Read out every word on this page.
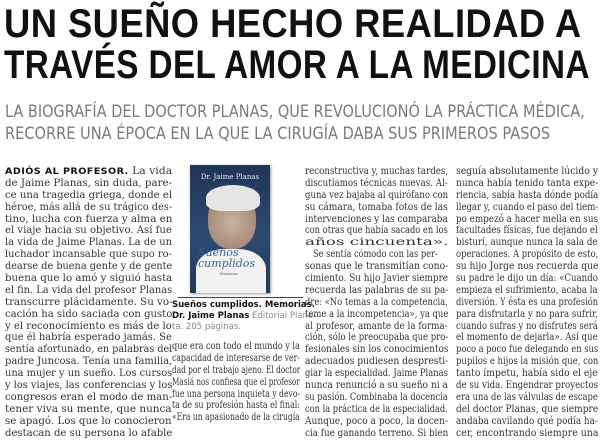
UN SUEÑO HECHO REALIDAD A
TRAVÉS DEL AMOR A LA MEDICINA
LA BIOGRAFÍA DEL DOCTOR PLANAS, QUE REVOLUCIONÓ LA PRÁCTICA MÉDICA,
RECORRE UNA ÉPOCA EN LA QUE LA CIRUGÍA DABA SUS PRIMEROS PASOS
ADIÓS AL PROFESOR. La vida
de Jaime Planas, sin duda, pare-
ce una tragedia griega, donde el
héroe, más allá de su trágico des-
tino, lucha con fuerza y alma en
el viaje hacia su objetivo. Así fue
la vida de Jaime Planas. La de un
luchador incansable que supo ro-
dearse de buena gente y de gente
buena que lo amó y siguió hasta
el fin. La vida del profesor Planas
transcurre plácidamente. Su vo-
cación ha sido saciada con gusto
y el reconocimiento es más de lo
que él habría esperado jamás. Se
sentía afortunado, en palabras del
padre Juncosa. Tenía una familia,
una mujer y un sueño. Los cursos
y los viajes, las conferencias y los
congresos eran el modo de man-
tener viva su mente, que nunca
se apagó. Los que lo conocieron
destacan de su persona lo afable
Dr. Jaime Planas
Sueños
cumplidos
Memorias
Sueños cumplidos. Memorias.
Dr. Jaime Planas Editorial Plane-
ta. 205 páginas.
que era con todo el mundo y la
capacidad de interesarse de ver-
dad por el trabajo ajeno. El doctor
Masiá nos confiesa que el profesor
fue una persona inquieta y devo-
ta de su profesión hasta el final:
«Era un apasionado de la cirugía
reconstructiva y, muchas tardes,
discutíamos técnicas nuevas. Al-
guna vez bajaba al quirófano con
su cámara, tomaba fotos de las
intervenciones y las comparaba
con otras que había sacado en los
años cincuenta».
Se sentía cómodo con las per-
sonas que le transmitían cono-
cimiento. Su hijo Javier siempre
recuerda las palabras de su pa-
dre: «No temas a la competencia,
teme a la incompetencia», ya que
al profesor, amante de la forma-
ción, sólo le preocupaba que pro-
fesionales sin los conocimientos
adecuados pudiesen despresti-
giar la especialidad. Jaime Planas
nunca renunció a su sueño ni a
su pasión. Combinaba la docencia
con la práctica de la especialidad.
Aunque, poco a poco, la docen-
cia fue ganando terreno. Si bien
seguía absolutamente lúcido y
nunca había tenido tanta expe-
riencia, sabía hasta dónde podía
llegar y, cuando el paso del tiem-
po empezó a hacer mella en sus
facultades físicas, fue dejando el
bisturí, aunque nunca la sala de
operaciones. A propósito de esto,
su hijo Jorge nos recuerda que
su padre le dijo un día: «Cuando
empieza el sufrimiento, acaba la
diversión. Y ésta es una profesión
para disfrutarla y no para sufrir,
cuando sufras y no disfrutes será
el momento de dejarla». Así que
poco a poco fue delegando en sus
pupilos e hijos la misión que, con
tanto ímpetu, había sido el eje
de su vida. Engendrar proyectos
era una de las válvulas de escape
del doctor Planas, que siempre
andaba cavilando qué podía ha-
cer, encontrando siempre una
